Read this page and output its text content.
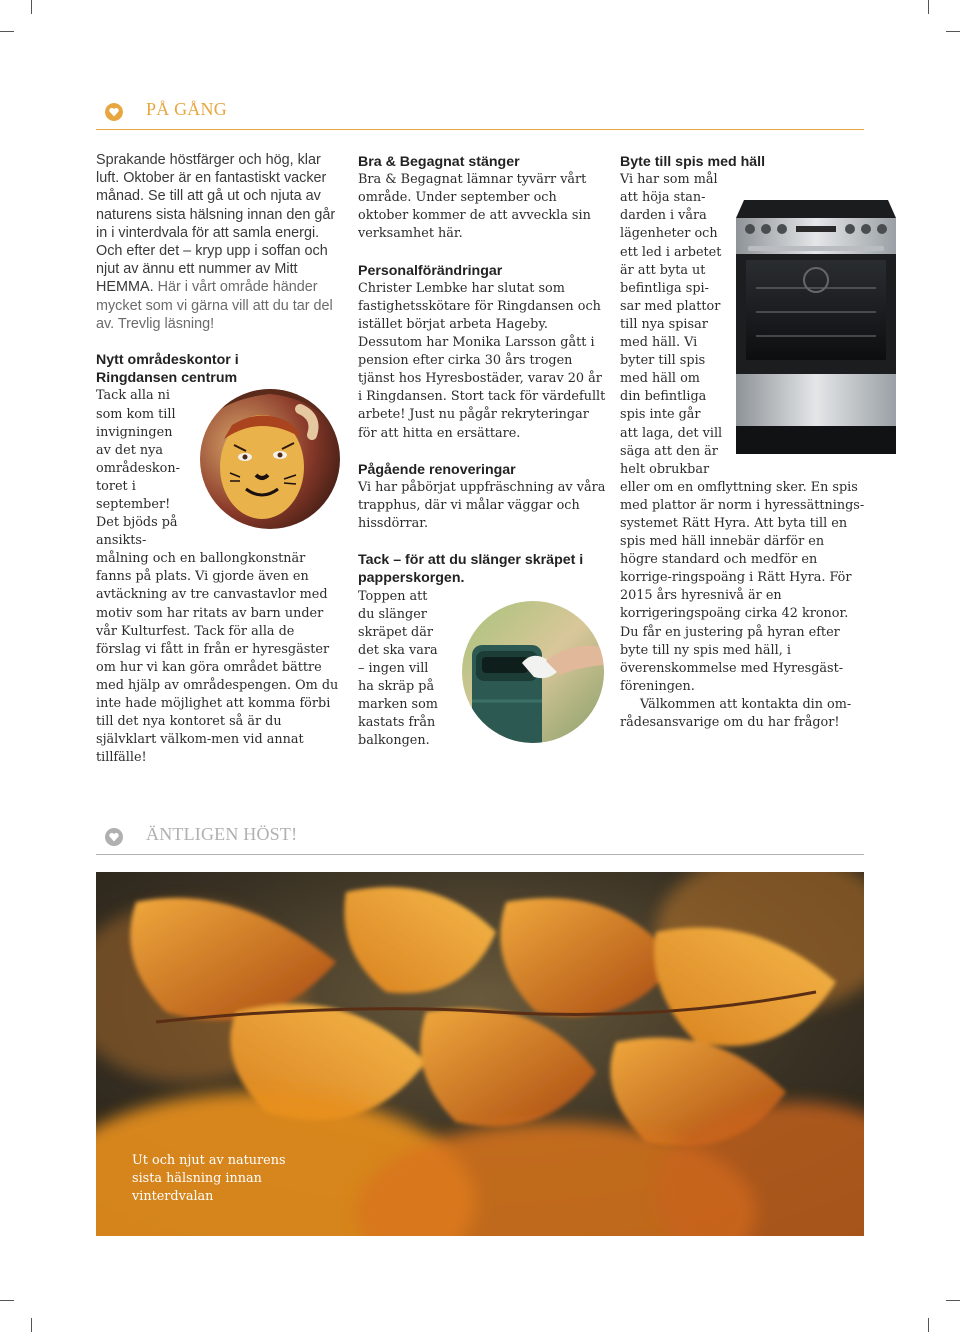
PÅ GÅNG

Sprakande höstfärger och hög, klar luft. Oktober är en fantastiskt vacker månad. Se till att gå ut och njuta av naturens sista hälsning innan den går in i vinterdvala för att samla energi. Och efter det – kryp upp i soffan och njut av ännu ett nummer av Mitt HEMMA. Här i vårt område händer mycket som vi gärna vill att du tar del av. Trevlig läsning!

Nytt områdeskontor i Ringdansen centrum
Tack alla ni
som kom till
invigningen
av det nya
områdeskon-
toret i
september!
Det bjöds på
ansikts-
målning och en ballongkonstnär
fanns på plats. Vi gjorde även en avtäckning av tre canvastavlor med motiv som har ritats av barn under vår Kulturfest. Tack för alla de förslag vi fått in från er hyresgäster om hur vi kan göra området bättre med hjälp av områdespengen. Om du inte hade möjlighet att komma förbi till det nya kontoret så är du självklart välkom-men vid annat tillfälle!
Bra & Begagnat stänger

Bra & Begagnat lämnar tyvärr vårt område. Under september och oktober kommer de att avveckla sin verksamhet här.

Personalförändringar

Christer Lembke har slutat som fastighetsskötare för Ringdansen och istället börjat arbeta Hageby. Dessutom har Monika Larsson gått i pension efter cirka 30 års trogen tjänst hos Hyresbostäder, varav 20 år i Ringdansen. Stort tack för värdefullt arbete! Just nu pågår rekryteringar för att hitta en ersättare.

Pågående renoveringar

Vi har påbörjat uppfräschning av våra trapphus, där vi målar väggar och hissdörrar.

Tack – för att du slänger skräpet i papperskorgen.
Toppen att
du slänger
skräpet där
det ska vara
– ingen vill
ha skräp på
marken som
kastats från
balkongen.
Byte till spis med häll
Vi har som mål
att höja stan-
darden i våra
lägenheter och
ett led i arbetet
är att byta ut
befintliga spi-
sar med plattor
till nya spisar
med häll. Vi
byter till spis
med häll om
din befintliga
spis inte går
att laga, det vill
säga att den är
helt obrukbar
eller om en omflyttning sker. En spis med plattor är norm i hyressättnings-systemet Rätt Hyra. Att byta till en spis med häll innebär därför en högre standard och medför en korrige-ringspoäng i Rätt Hyra. För 2015 års hyresnivå är en korrigeringspoäng cirka 42 kronor. Du får en justering på hyran efter byte till ny spis med häll, i överenskommelse med Hyresgäst-föreningen.
Välkommen att kontakta din om-rådesansvarige om du har frågor!
ÄNTLIGEN HÖST!
Ut och njut av naturens sista hälsning innan vinterdvalan
